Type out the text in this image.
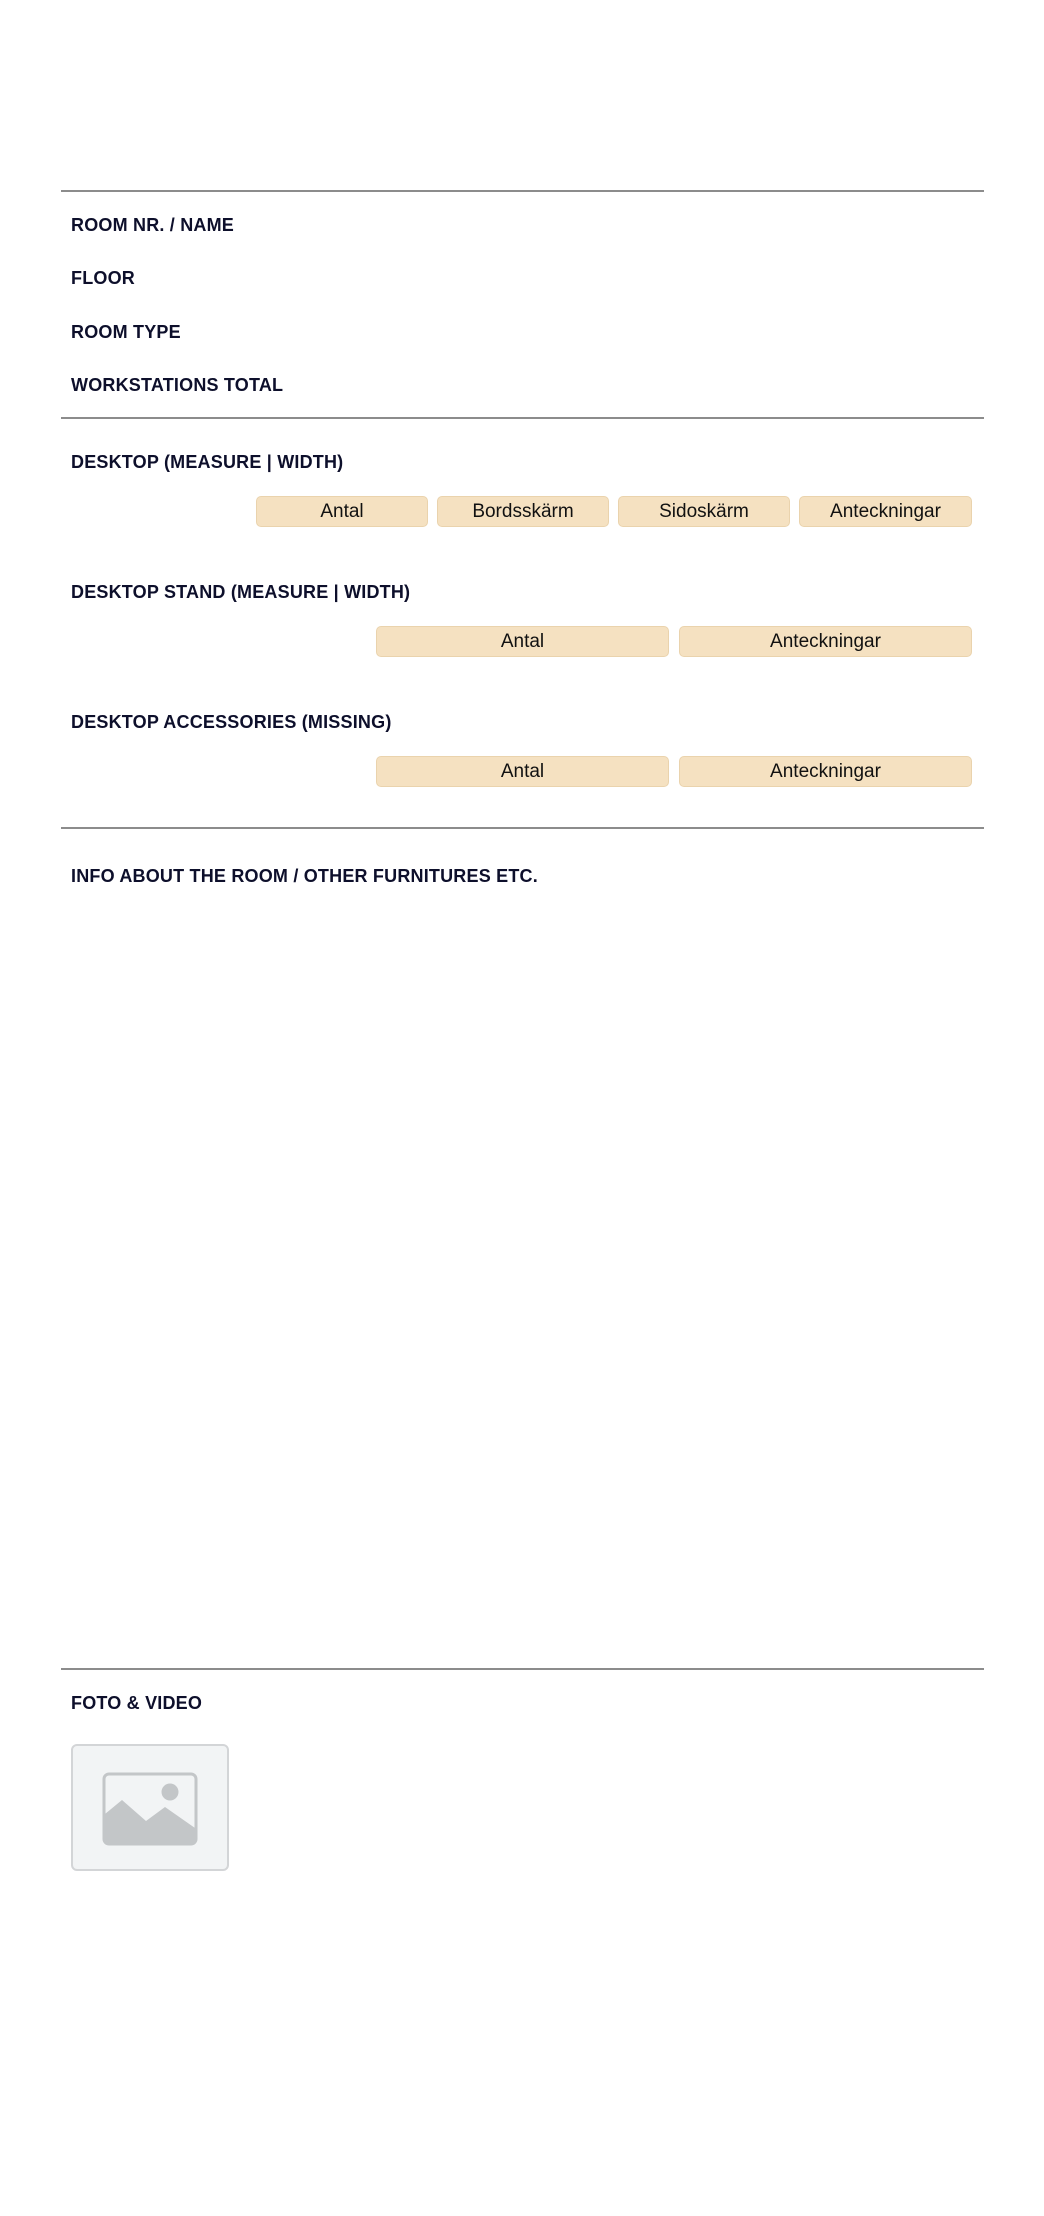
ROOM NR. / NAME
FLOOR
ROOM TYPE
WORKSTATIONS TOTAL
DESKTOP (MEASURE | WIDTH)
Antal	Bordsskärm	Sidoskärm	Anteckningar
DESKTOP STAND (MEASURE | WIDTH)
Antal	Anteckningar
DESKTOP ACCESSORIES (MISSING)
Antal	Anteckningar
INFO ABOUT THE ROOM / OTHER FURNITURES ETC.
FOTO & VIDEO
